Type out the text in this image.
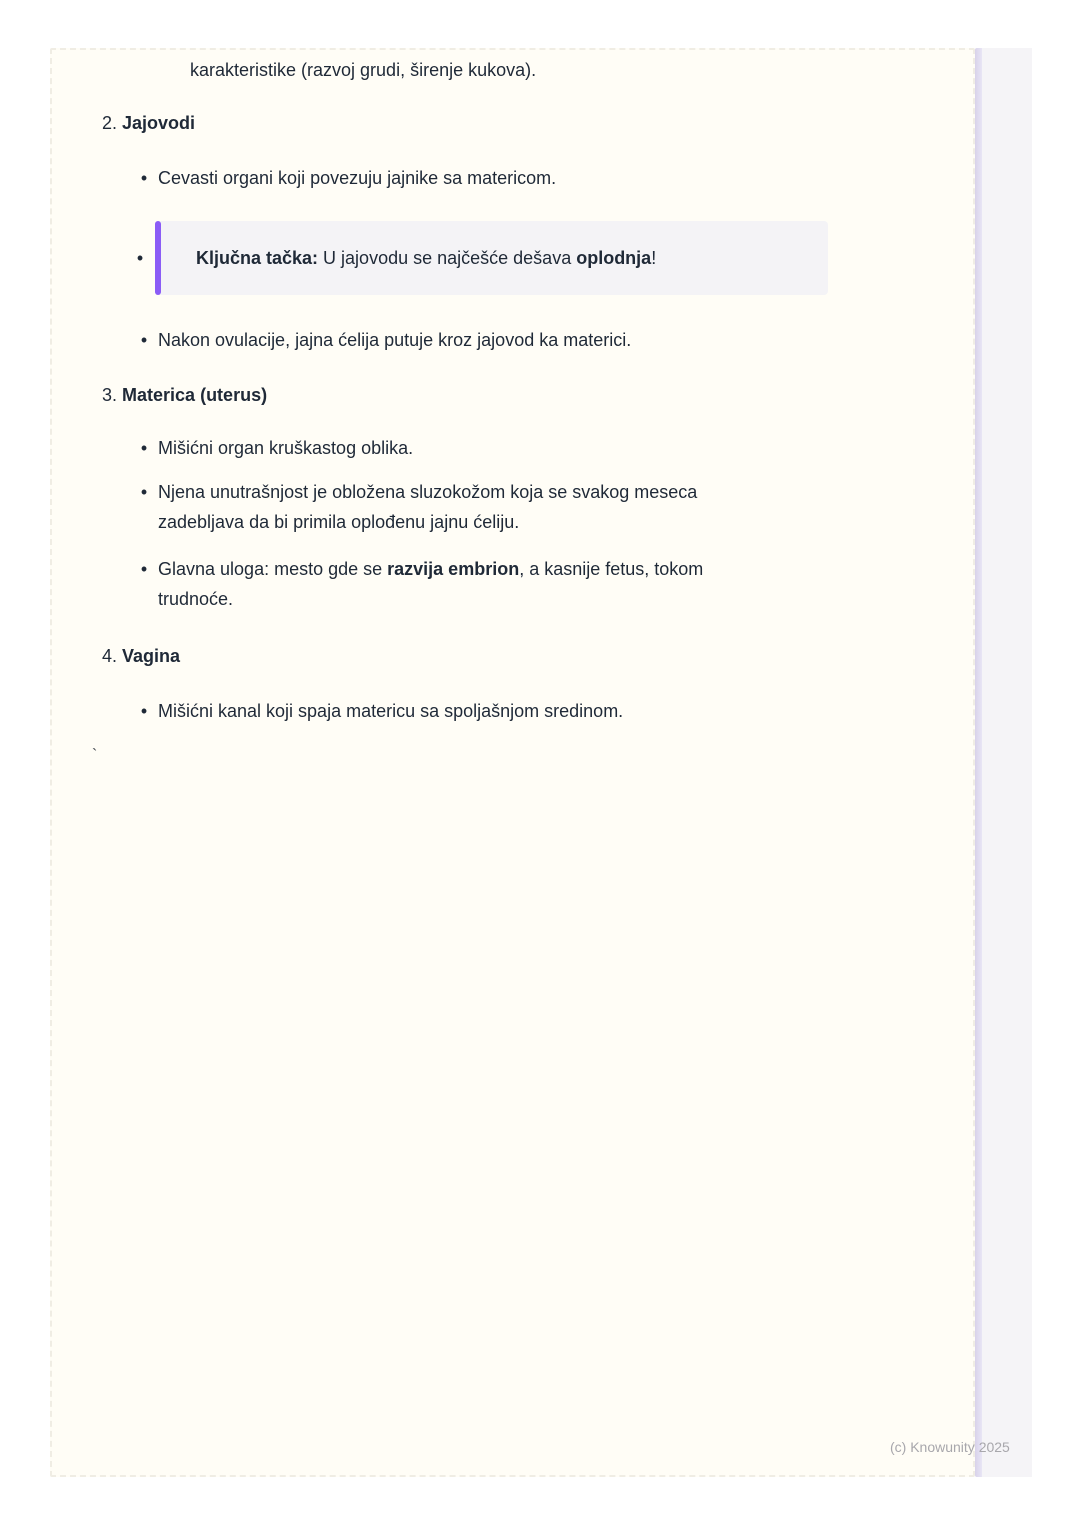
karakteristike (razvoj grudi, širenje kukova).
2. Jajovodi
• Cevasti organi koji povezuju jajnike sa matericom.
•	Ključna tačka: U jajovodu se najčešće dešava oplodnja!
• Nakon ovulacije, jajna ćelija putuje kroz jajovod ka materici.
3. Materica (uterus)
• Mišićni organ kruškastog oblika.
• Njena unutrašnjost je obložena sluzokožom koja se svakog meseca
zadebljava da bi primila oplođenu jajnu ćeliju.
• Glavna uloga: mesto gde se razvija embrion, a kasnije fetus, tokom
trudnoće.
4. Vagina
• Mišićni kanal koji spaja matericu sa spoljašnjom sredinom.
`
(c) Knowunity 2025
